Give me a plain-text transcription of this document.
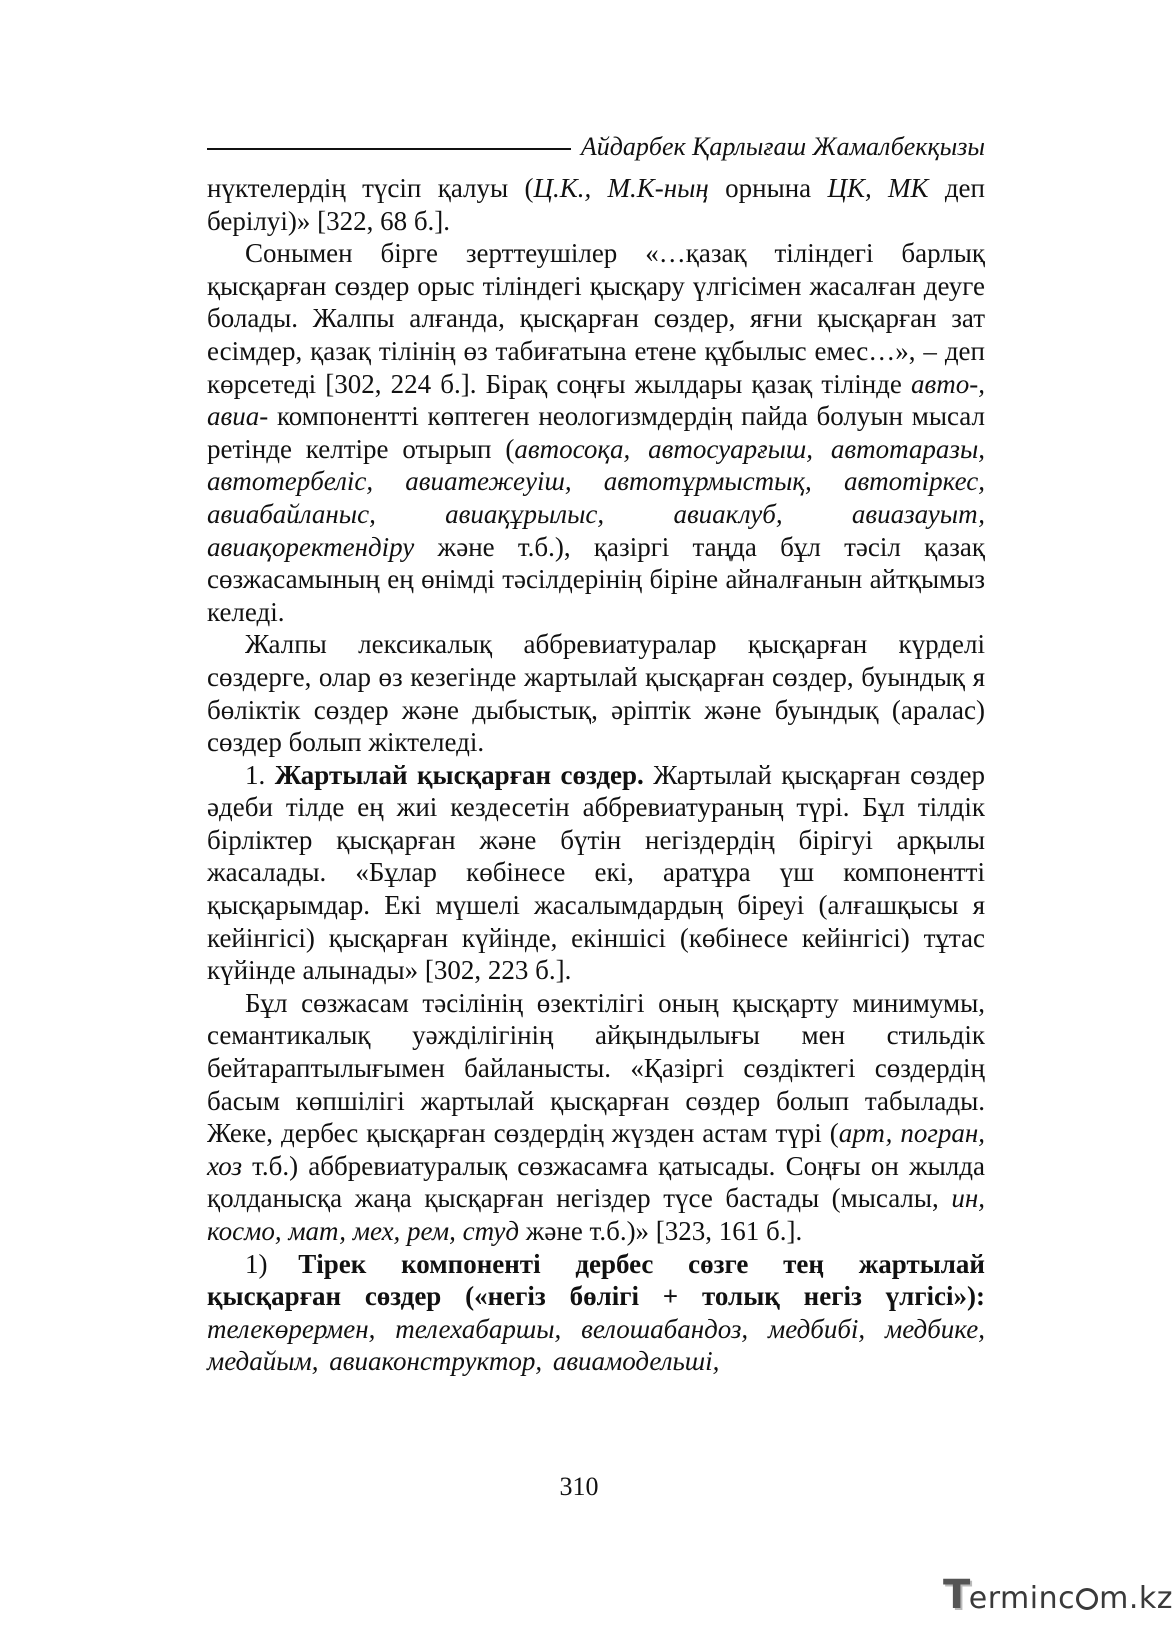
Айдарбек Қарлығаш Жамалбекқызы

нүктелердің түсіп қалуы (Ц.К., М.К-ның орнына ЦК, МК деп берілуі)» [322, 68 б.].

Сонымен бірге зерттеушілер «…қазақ тіліндегі барлық қысқарған сөздер орыс тіліндегі қысқару үлгісімен жасалған деуге болады. Жалпы алғанда, қысқарған сөздер, яғни қысқарған зат есімдер, қазақ тілінің өз табиғатына етене құбылыс емес…», – деп көрсетеді [302, 224 б.]. Бірақ соңғы жылдары қазақ тілінде авто-, авиа- компонентті көптеген неологизмдердің пайда болуын мысал ретінде келтіре отырып (автосоқа, автосуарғыш, автотаразы, автотербеліс, авиатежеуіш, автотұрмыстық, автотіркес, авиабайланыс, авиақұрылыс, авиаклуб, авиазауыт, авиақоректендіру және т.б.), қазіргі таңда бұл тәсіл қазақ сөзжасамының ең өнімді тәсілдерінің біріне айналғанын айтқымыз келеді.

Жалпы лексикалық аббревиатуралар қысқарған күрделі сөздерге, олар өз кезегінде жартылай қысқарған сөздер, буындық я бөліктік сөздер және дыбыстық, әріптік және буындық (аралас) сөздер болып жіктеледі.

1. Жартылай қысқарған сөздер. Жартылай қысқарған сөздер әдеби тілде ең жиі кездесетін аббревиатураның түрі. Бұл тілдік бірліктер қысқарған және бүтін негіздердің бірігуі арқылы жасалады. «Бұлар көбінесе екі, аратұра үш компонентті қысқарымдар. Екі мүшелі жасалымдардың біреуі (алғашқысы я кейінгісі) қысқарған күйінде, екіншісі (көбінесе кейінгісі) тұтас күйінде алынады» [302, 223 б.].

Бұл сөзжасам тәсілінің өзектілігі оның қысқарту минимумы, семантикалық уәжділігінің айқындылығы мен стильдік бейтараптылығымен байланысты. «Қазіргі сөздіктегі сөздердің басым көпшілігі жартылай қысқарған сөздер болып табылады. Жеке, дербес қысқарған сөздердің жүзден астам түрі (арт, погран, хоз т.б.) аббревиатуралық сөзжасамға қатысады. Соңғы он жылда қолданысқа жаңа қысқарған негіздер түсе бастады (мысалы, ин, космо, мат, мех, рем, студ және т.б.)» [323, 161 б.].

1) Тірек компоненті дербес сөзге тең жартылай қысқарған сөздер («негіз бөлігі + толық негіз үлгісі»): телекөрермен, телехабаршы, велошабандоз, медбибі, медбике, медайым, авиаконструктор, авиамодельші,

310
T
erminc m.kz
